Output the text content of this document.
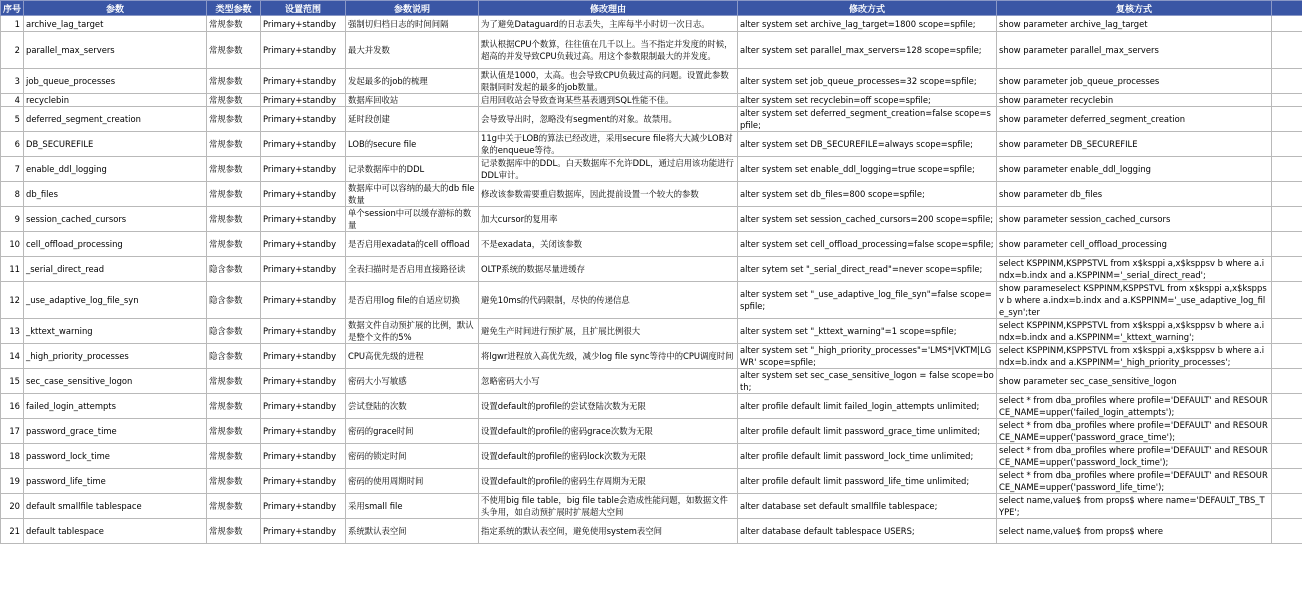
序号	参数	类型参数	设置范围	参数说明	修改理由	修改方式	复核方式	
1	archive_lag_target	常规参数	Primary+standby	强制切归档日志的时间间隔	为了避免Dataguard的日志丢失，主库每半小时切一次日志。	alter system set archive_lag_target=1800 scope=spfile;	show parameter archive_lag_target	
2	parallel_max_servers	常规参数	Primary+standby	最大并发数	默认根据CPU个数算，往往值在几千以上。当不指定并发度的时候，超高的并发导致CPU负载过高。用这个参数限制最大的并发度。	alter system set parallel_max_servers=128 scope=spfile;	show parameter parallel_max_servers	
3	job_queue_processes	常规参数	Primary+standby	发起最多的job的梳理	默认值是1000，太高。也会导致CPU负载过高的问题。设置此参数限制同时发起的最多的job数量。	alter system set job_queue_processes=32 scope=spfile;	show parameter job_queue_processes	
4	recyclebin	常规参数	Primary+standby	数据库回收站	启用回收站会导致查询某些基表遇到SQL性能不佳。	alter system set recyclebin=off scope=spfile;	show parameter recyclebin	
5	deferred_segment_creation	常规参数	Primary+standby	延时段创建	会导致导出时，忽略没有segment的对象。故禁用。	alter system set deferred_segment_creation=false scope=spfile;	show parameter deferred_segment_creation	
6	DB_SECUREFILE	常规参数	Primary+standby	LOB的secure file	11g中关于LOB的算法已经改进，采用secure file将大大减少LOB对象的enqueue等待。	alter system set DB_SECUREFILE=always scope=spfile;	show parameter DB_SECUREFILE	
7	enable_ddl_logging	常规参数	Primary+standby	记录数据库中的DDL	记录数据库中的DDL。白天数据库不允许DDL，通过启用该功能进行DDL审计。	alter system set enable_ddl_logging=true scope=spfile;	show parameter enable_ddl_logging	
8	db_files	常规参数	Primary+standby	数据库中可以容纳的最大的db file数量	修改该参数需要重启数据库，因此提前设置一个较大的参数	alter system set db_files=800 scope=spfile;	show parameter db_files	
9	session_cached_cursors	常规参数	Primary+standby	单个session中可以缓存游标的数量	加大cursor的复用率	alter system set session_cached_cursors=200 scope=spfile;	show parameter session_cached_cursors	
10	cell_offload_processing	常规参数	Primary+standby	是否启用exadata的cell offload	不是exadata，关闭该参数	alter system set cell_offload_processing=false scope=spfile;	show parameter cell_offload_processing	
11	_serial_direct_read	隐含参数	Primary+standby	全表扫描时是否启用直接路径读	OLTP系统的数据尽量进缓存	alter sytem set "_serial_direct_read"=never scope=spfile;	select KSPPINM,KSPPSTVL from x$ksppi a,x$ksppsv b where a.indx=b.indx and a.KSPPINM='_serial_direct_read';	
12	_use_adaptive_log_file_syn	隐含参数	Primary+standby	是否启用log file的自适应切换	避免10ms的代码限制，尽快的传递信息	alter system set "_use_adaptive_log_file_syn"=false scope=spfile;	show parameselect KSPPINM,KSPPSTVL from x$ksppi a,x$ksppsv b where a.indx=b.indx and a.KSPPINM='_use_adaptive_log_file_syn';ter	
13	_kttext_warning	隐含参数	Primary+standby	数据文件自动预扩展的比例，默认是整个文件的5%	避免生产时间进行预扩展，且扩展比例很大	alter system set "_kttext_warning"=1 scope=spfile;	select KSPPINM,KSPPSTVL from x$ksppi a,x$ksppsv b where a.indx=b.indx and a.KSPPINM='_kttext_warning';	
14	_high_priority_processes	隐含参数	Primary+standby	CPU高优先级的进程	将lgwr进程放入高优先级，减少log file sync等待中的CPU调度时间	alter system set "_high_priority_processes"='LMS*|VKTM|LGWR' scope=spfile;	select KSPPINM,KSPPSTVL from x$ksppi a,x$ksppsv b where a.indx=b.indx and a.KSPPINM='_high_priority_processes';	
15	sec_case_sensitive_logon	常规参数	Primary+standby	密码大小写敏感	忽略密码大小写	alter system set sec_case_sensitive_logon = false scope=both;	show parameter sec_case_sensitive_logon	
16	failed_login_attempts	常规参数	Primary+standby	尝试登陆的次数	设置default的profile的尝试登陆次数为无限	alter profile default limit failed_login_attempts unlimited;	select * from dba_profiles where profile='DEFAULT' and RESOURCE_NAME=upper('failed_login_attempts');	
17	password_grace_time	常规参数	Primary+standby	密码的grace时间	设置default的profile的密码grace次数为无限	alter profile default limit password_grace_time unlimited;	select * from dba_profiles where profile='DEFAULT' and RESOURCE_NAME=upper('password_grace_time');	
18	password_lock_time	常规参数	Primary+standby	密码的锁定时间	设置default的profile的密码lock次数为无限	alter profile default limit password_lock_time unlimited;	select * from dba_profiles where profile='DEFAULT' and RESOURCE_NAME=upper('password_lock_time');	
19	password_life_time	常规参数	Primary+standby	密码的使用周期时间	设置default的profile的密码生存周期为无限	alter profile default limit password_life_time unlimited;	select * from dba_profiles where profile='DEFAULT' and RESOURCE_NAME=upper('password_life_time');	
20	default smallfile tablespace	常规参数	Primary+standby	采用small file	不使用big file table，big file table会造成性能问题，如数据文件头争用，如自动预扩展时扩展超大空间	alter database set default smallfile tablespace;	select name,value$ from props$ where name='DEFAULT_TBS_TYPE';	
21	default tablespace	常规参数	Primary+standby	系统默认表空间	指定系统的默认表空间，避免使用system表空间	alter database default tablespace USERS;	select name,value$ from props$ where	
